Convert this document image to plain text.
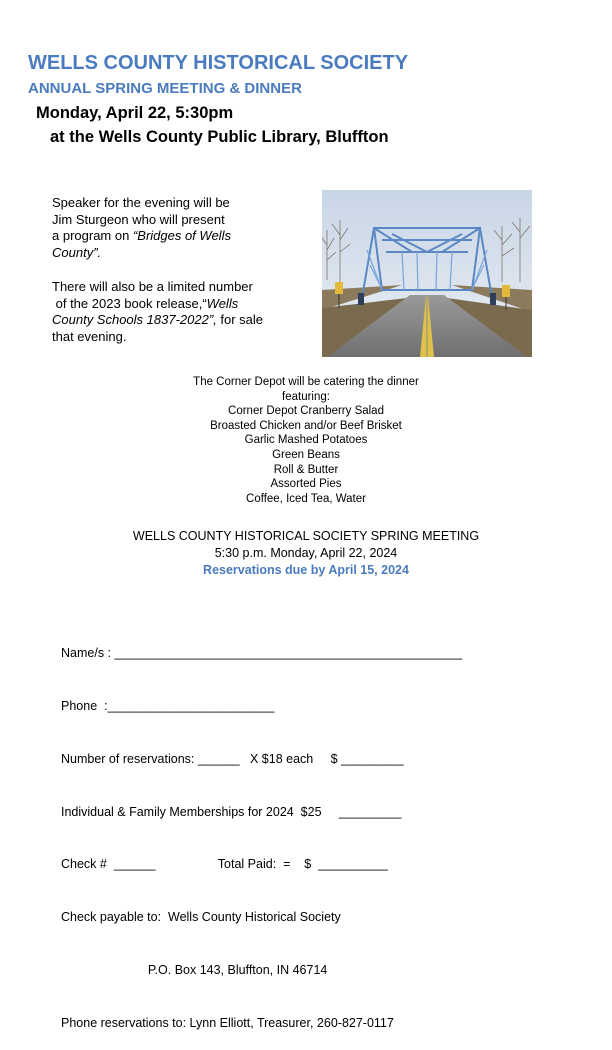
WELLS COUNTY HISTORICAL SOCIETY
ANNUAL SPRING MEETING & DINNER
Monday, April 22, 5:30pm
at the Wells County Public Library, Bluffton
Speaker for the evening will be
Jim Sturgeon who will present
a program on “Bridges of Wells
County”.
There will also be a limited number
of the 2023 book release,“Wells
County Schools 1837-2022”, for sale
that evening.
The Corner Depot will be catering the dinner
featuring:
Corner Depot Cranberry Salad
Broasted Chicken and/or Beef Brisket
Garlic Mashed Potatoes
Green Beans
Roll & Butter
Assorted Pies
Coffee, Iced Tea, Water
WELLS COUNTY HISTORICAL SOCIETY SPRING MEETING
5:30 p.m. Monday, April 22, 2024
Reservations due by April 15, 2024

Name/s : __________________________________________________

Phone  :________________________

Number of reservations: ______   X $18 each     $ _________

Individual & Family Memberships for 2024  $25     _________

Check #  ______                  Total Paid:  =    $  __________

Check payable to:  Wells County Historical Society

P.O. Box 143, Bluffton, IN 46714

Phone reservations to: Lynn Elliott, Treasurer, 260-827-0117
